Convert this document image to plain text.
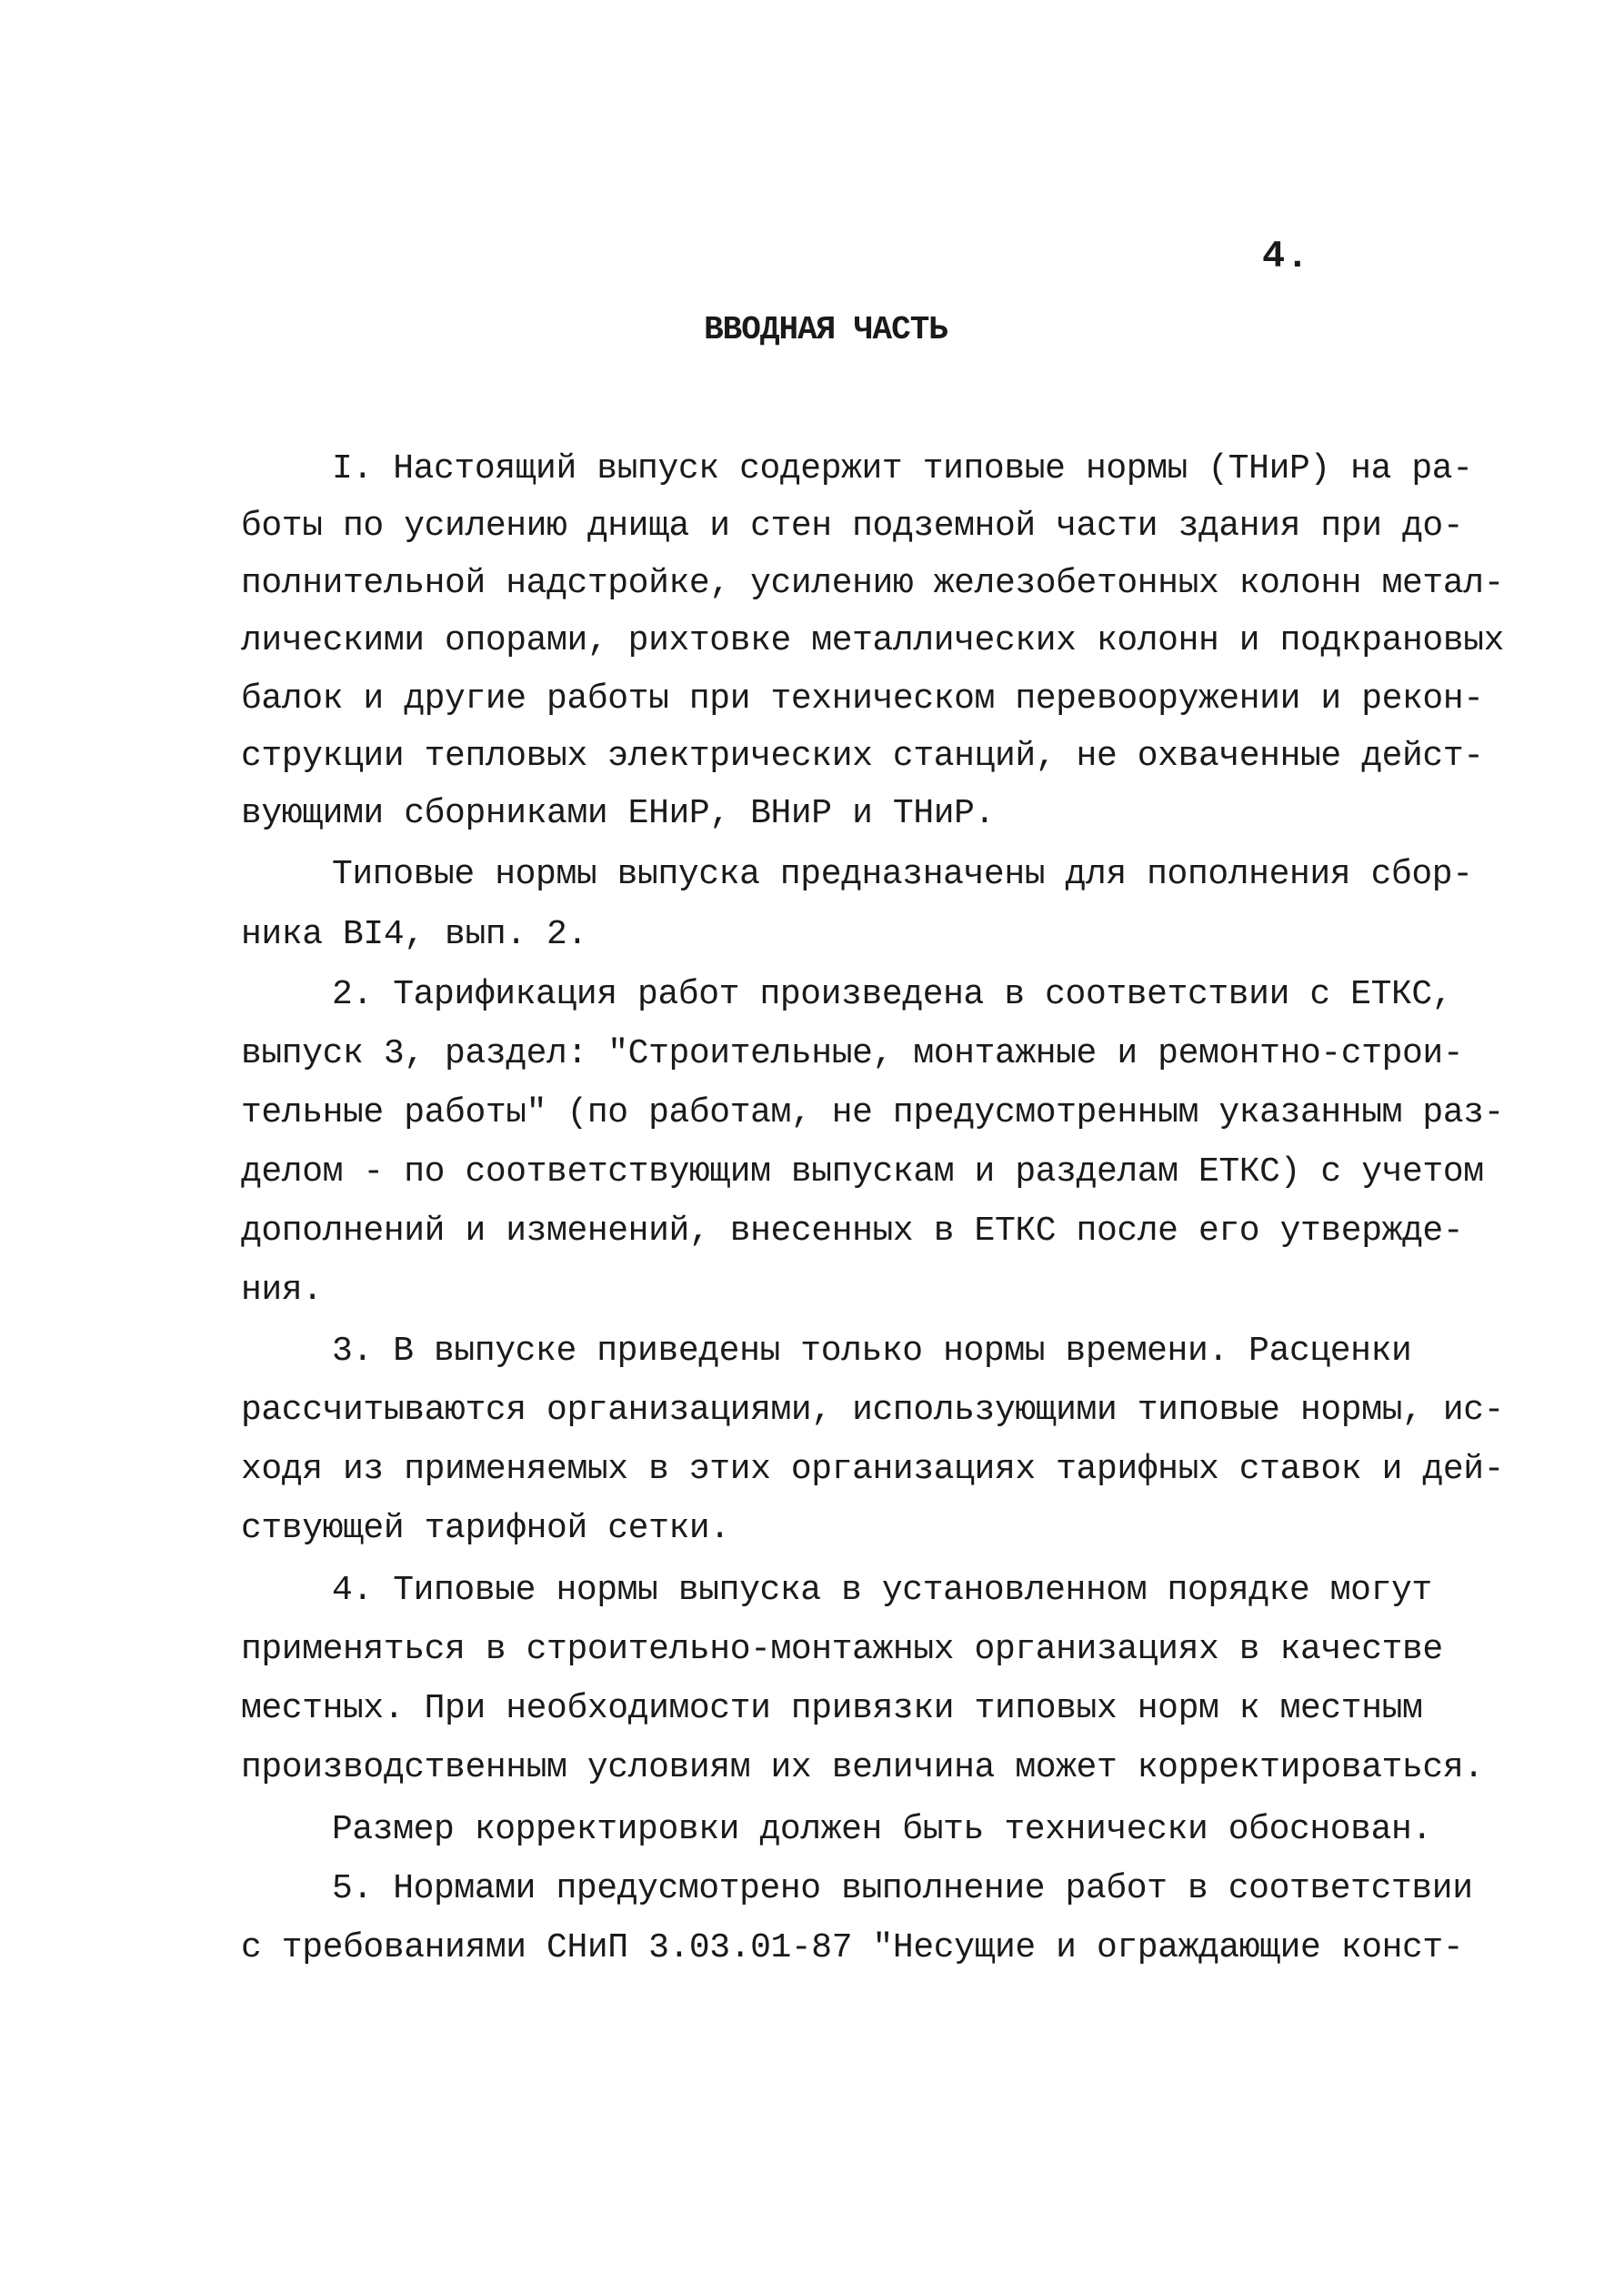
4.
ВВОДНАЯ ЧАСТЬ
I. Настоящий выпуск содержит типовые нормы (ТНиР) на ра-
боты по усилению днища и стен подземной части здания при до-
полнительной надстройке, усилению железобетонных колонн метал-
лическими опорами, рихтовке металлических колонн и подкрановых
балок и другие работы при техническом перевооружении и рекон-
струкции тепловых электрических станций, не охваченные дейст-
вующими сборниками ЕНиР, ВНиР и ТНиР.
Типовые нормы выпуска предназначены для пополнения сбор-
ника BI4, вып. 2.
2. Тарификация работ произведена в соответствии с ЕТКС,
выпуск 3, раздел: "Строительные, монтажные и ремонтно-строи-
тельные работы" (по работам, не предусмотренным указанным раз-
делом - по соответствующим выпускам и разделам ЕТКС) с учетом
дополнений и изменений, внесенных в ЕТКС после его утвержде-
ния.
3. В выпуске приведены только нормы времени. Расценки
рассчитываются организациями, использующими типовые нормы, ис-
ходя из применяемых в этих организациях тарифных ставок и дей-
ствующей тарифной сетки.
4. Типовые нормы выпуска в установленном порядке могут
применяться в строительно-монтажных организациях в качестве
местных. При необходимости привязки типовых норм к местным
производственным условиям их величина может корректироваться.
Размер корректировки должен быть технически обоснован.
5. Нормами предусмотрено выполнение работ в соответствии
с требованиями СНиП 3.03.01-87 "Несущие и ограждающие конст-
